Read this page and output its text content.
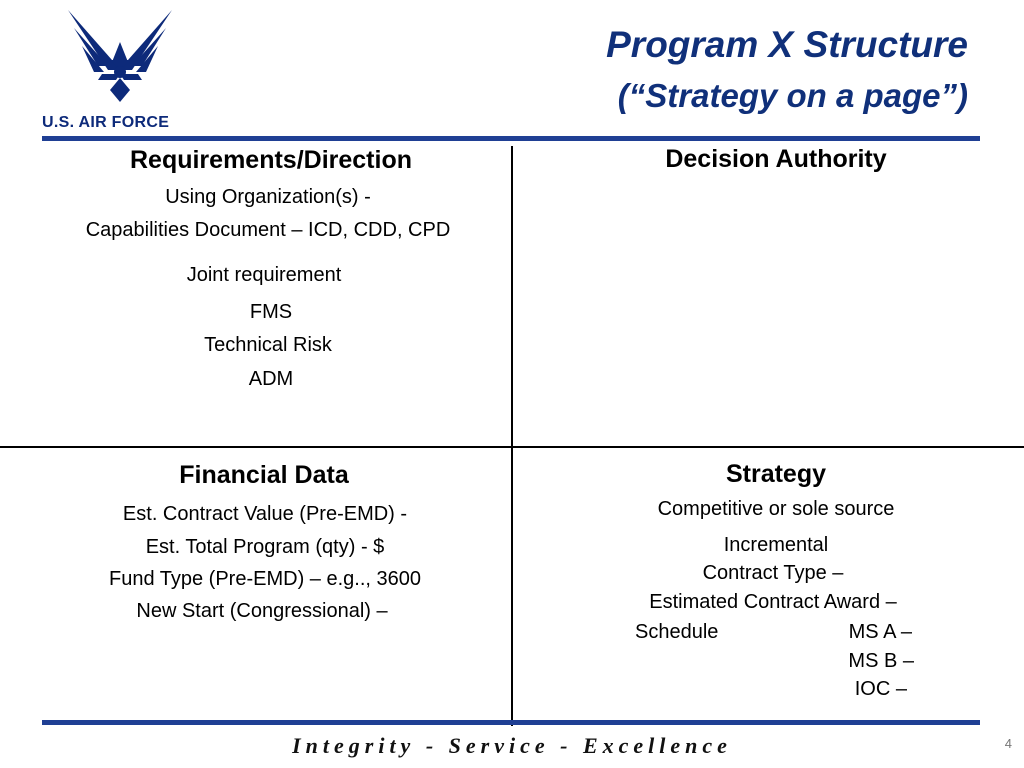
U.S. AIR FORCE
Program X Structure
(“Strategy on a page”)
Requirements/Direction
Using Organization(s) -
Capabilities Document – ICD, CDD, CPD
Joint requirement
FMS
Technical Risk
ADM
Decision Authority
Financial Data
Est. Contract Value (Pre-EMD) -
Est. Total Program (qty) - $
Fund Type (Pre-EMD) – e.g.., 3600
New Start (Congressional) –
Strategy
Competitive or sole source
Incremental
Contract Type –
Estimated Contract Award –
Schedule	MS A –
MS B –
IOC –
Integrity - Service - Excellence	4
